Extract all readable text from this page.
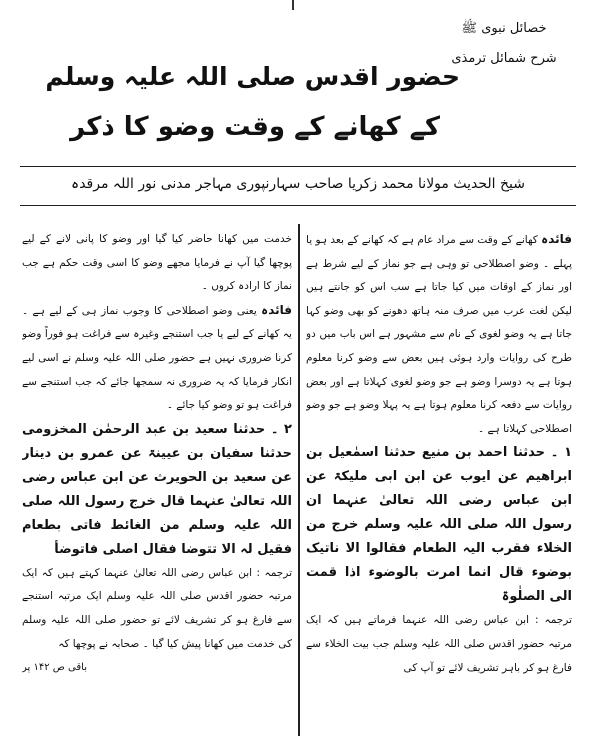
خصائل نبوی ﷺ
شرح شمائل ترمذی
حضور اقدس صلی اللہ علیہ وسلم
کے کھانے کے وقت وضو کا ذکر
شیخ الحدیث مولانا محمد زکریا صاحب سہارنپوری مہاجر مدنی نور اللہ مرقدہ

فائدہ کھانے کے وقت سے مراد عام ہے کہ کھانے کے بعد ہو یا پہلے ۔ وضو اصطلاحی تو وہی ہے جو نماز کے لیے شرط ہے اور نماز کے اوقات میں کیا جاتا ہے سب اس کو جانتے ہیں لیکن لغت عرب میں صرف منہ ہاتھ دھونے کو بھی وضو کہا جاتا ہے یہ وضو لغوی کے نام سے مشہور ہے اس باب میں دو طرح کی روایات وارد ہوئی ہیں بعض سے وضو کرنا معلوم ہوتا ہے یہ دوسرا وضو ہے جو وضو لغوی کہلاتا ہے اور بعض روایات سے دفعہ کرنا معلوم ہوتا ہے یہ پہلا وضو ہے جو وضو اصطلاحی کہلاتا ہے ۔

۱ ۔ حدثنا احمد بن منیع حدثنا اسمٰعیل بن ابراھیم عن ایوب عن ابن ابی ملیکۃ عن ابن عباس رضی اللہ تعالیٰ عنہما ان رسول اللہ صلی اللہ علیہ وسلم خرج من الخلاء فقرب الیہ الطعام فقالوا الا ناتیک بوضوء قال انما امرت بالوضوء اذا قمت الی الصلٰوۃ

ترجمہ : ابن عباس رضی اللہ عنہما فرماتے ہیں کہ ایک مرتبہ حضور اقدس صلی اللہ علیہ وسلم جب بیت الخلاء سے فارغ ہو کر باہر تشریف لائے تو آپ کی

خدمت میں کھانا حاضر کیا گیا اور وضو کا پانی لانے کے لیے پوچھا گیا آپ نے فرمایا مجھے وضو کا اسی وقت حکم ہے جب نماز کا ارادہ کروں ۔

فائدہ یعنی وضو اصطلاحی کا وجوب نماز ہی کے لیے ہے ۔ یہ کھانے کے لیے یا جب استنجے وغیرہ سے فراغت ہو فوراً وضو کرنا ضروری نہیں ہے حضور صلی اللہ علیہ وسلم نے اسی لیے انکار فرمایا کہ یہ ضروری نہ سمجھا جائے کہ جب استنجے سے فراغت ہو تو وضو کیا جائے ۔

۲ ۔ حدثنا سعید بن عبد الرحمٰن المخزومی حدثنا سفیان بن عیینۃ عن عمرو بن دینار عن سعید بن الحویرث عن ابن عباس رضی اللہ تعالیٰ عنہما قال خرج رسول اللہ صلی اللہ علیہ وسلم من الغائط فاتی بطعام فقیل لہ الا تتوضا فقال اصلی فاتوضأ

ترجمہ : ابن عباس رضی اللہ تعالیٰ عنہما کہتے ہیں کہ ایک مرتبہ حضور اقدس صلی اللہ علیہ وسلم ایک مرتبہ استنجے سے فارغ ہو کر تشریف لائے تو حضور صلی اللہ علیہ وسلم کی خدمت میں کھانا پیش کیا گیا ۔ صحابہ نے پوچھا کہ

باقی ص ۱۴۲ پر
